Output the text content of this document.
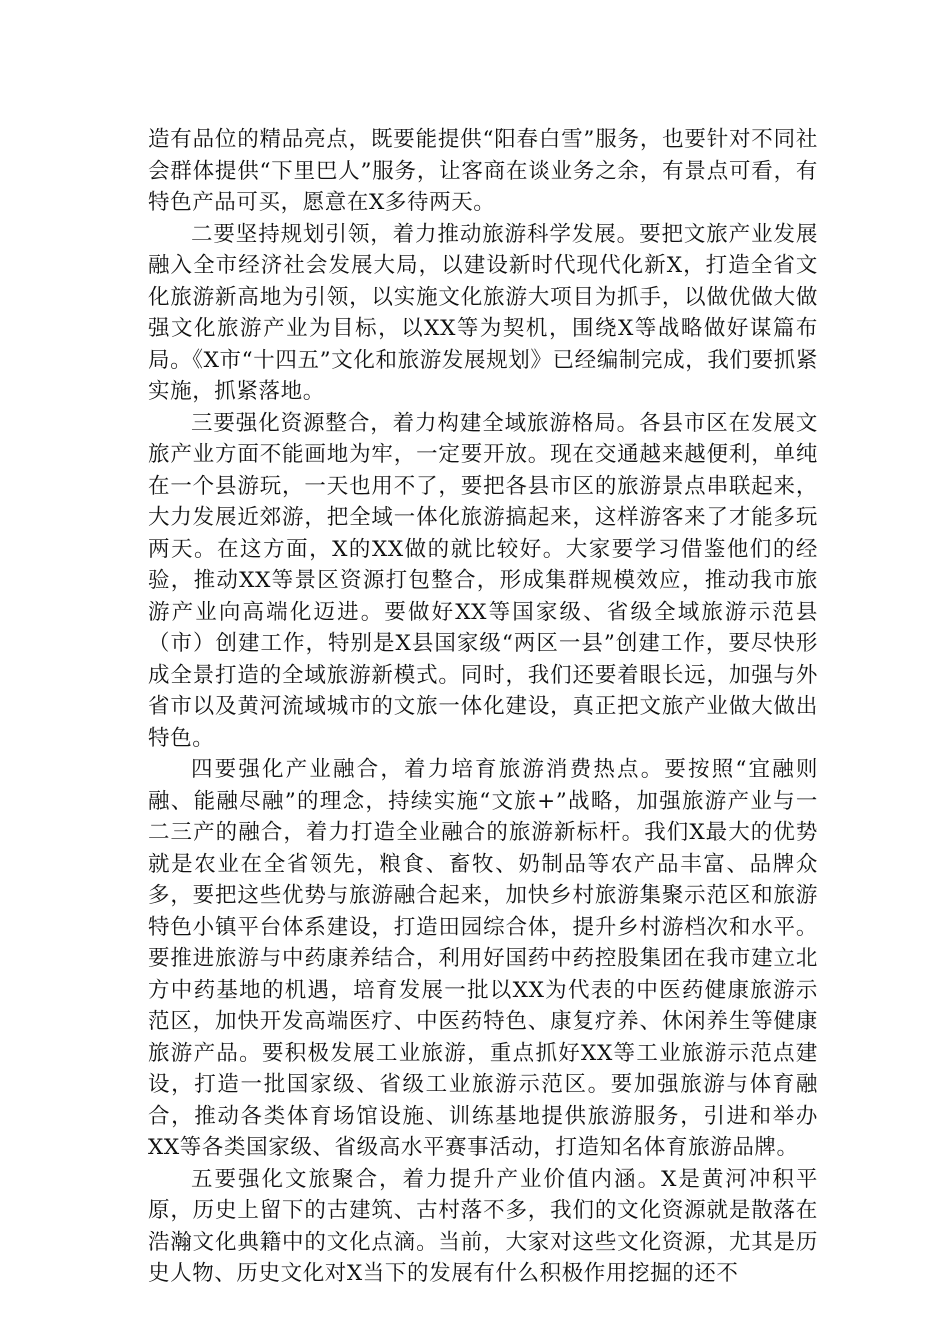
造有品位的精品亮点，既要能提供“阳春白雪”服务，也要针对不同社会群体提供“下里巴人”服务，让客商在谈业务之余，有景点可看，有特色产品可买，愿意在X多待两天。

二要坚持规划引领，着力推动旅游科学发展。要把文旅产业发展融入全市经济社会发展大局，以建设新时代现代化新X，打造全省文化旅游新高地为引领，以实施文化旅游大项目为抓手，以做优做大做强文化旅游产业为目标，以XX等为契机，围绕X等战略做好谋篇布局。《X市“十四五”文化和旅游发展规划》已经编制完成，我们要抓紧实施，抓紧落地。

三要强化资源整合，着力构建全域旅游格局。各县市区在发展文旅产业方面不能画地为牢，一定要开放。现在交通越来越便利，单纯在一个县游玩，一天也用不了，要把各县市区的旅游景点串联起来，大力发展近郊游，把全域一体化旅游搞起来，这样游客来了才能多玩两天。在这方面，X的XX做的就比较好。大家要学习借鉴他们的经验，推动XX等景区资源打包整合，形成集群规模效应，推动我市旅游产业向高端化迈进。要做好XX等国家级、省级全域旅游示范县（市）创建工作，特别是X县国家级“两区一县”创建工作，要尽快形成全景打造的全域旅游新模式。同时，我们还要着眼长远，加强与外省市以及黄河流域城市的文旅一体化建设，真正把文旅产业做大做出特色。

四要强化产业融合，着力培育旅游消费热点。要按照“宜融则融、能融尽融”的理念，持续实施“文旅+”战略，加强旅游产业与一二三产的融合，着力打造全业融合的旅游新标杆。我们X最大的优势就是农业在全省领先，粮食、畜牧、奶制品等农产品丰富、品牌众多，要把这些优势与旅游融合起来，加快乡村旅游集聚示范区和旅游特色小镇平台体系建设，打造田园综合体，提升乡村游档次和水平。要推进旅游与中药康养结合，利用好国药中药控股集团在我市建立北方中药基地的机遇，培育发展一批以XX为代表的中医药健康旅游示范区，加快开发高端医疗、中医药特色、康复疗养、休闲养生等健康旅游产品。要积极发展工业旅游，重点抓好XX等工业旅游示范点建设，打造一批国家级、省级工业旅游示范区。要加强旅游与体育融合，推动各类体育场馆设施、训练基地提供旅游服务，引进和举办XX等各类国家级、省级高水平赛事活动，打造知名体育旅游品牌。

五要强化文旅聚合，着力提升产业价值内涵。X是黄河冲积平原，历史上留下的古建筑、古村落不多，我们的文化资源就是散落在浩瀚文化典籍中的文化点滴。当前，大家对这些文化资源，尤其是历史人物、历史文化对X当下的发展有什么积极作用挖掘的还不
